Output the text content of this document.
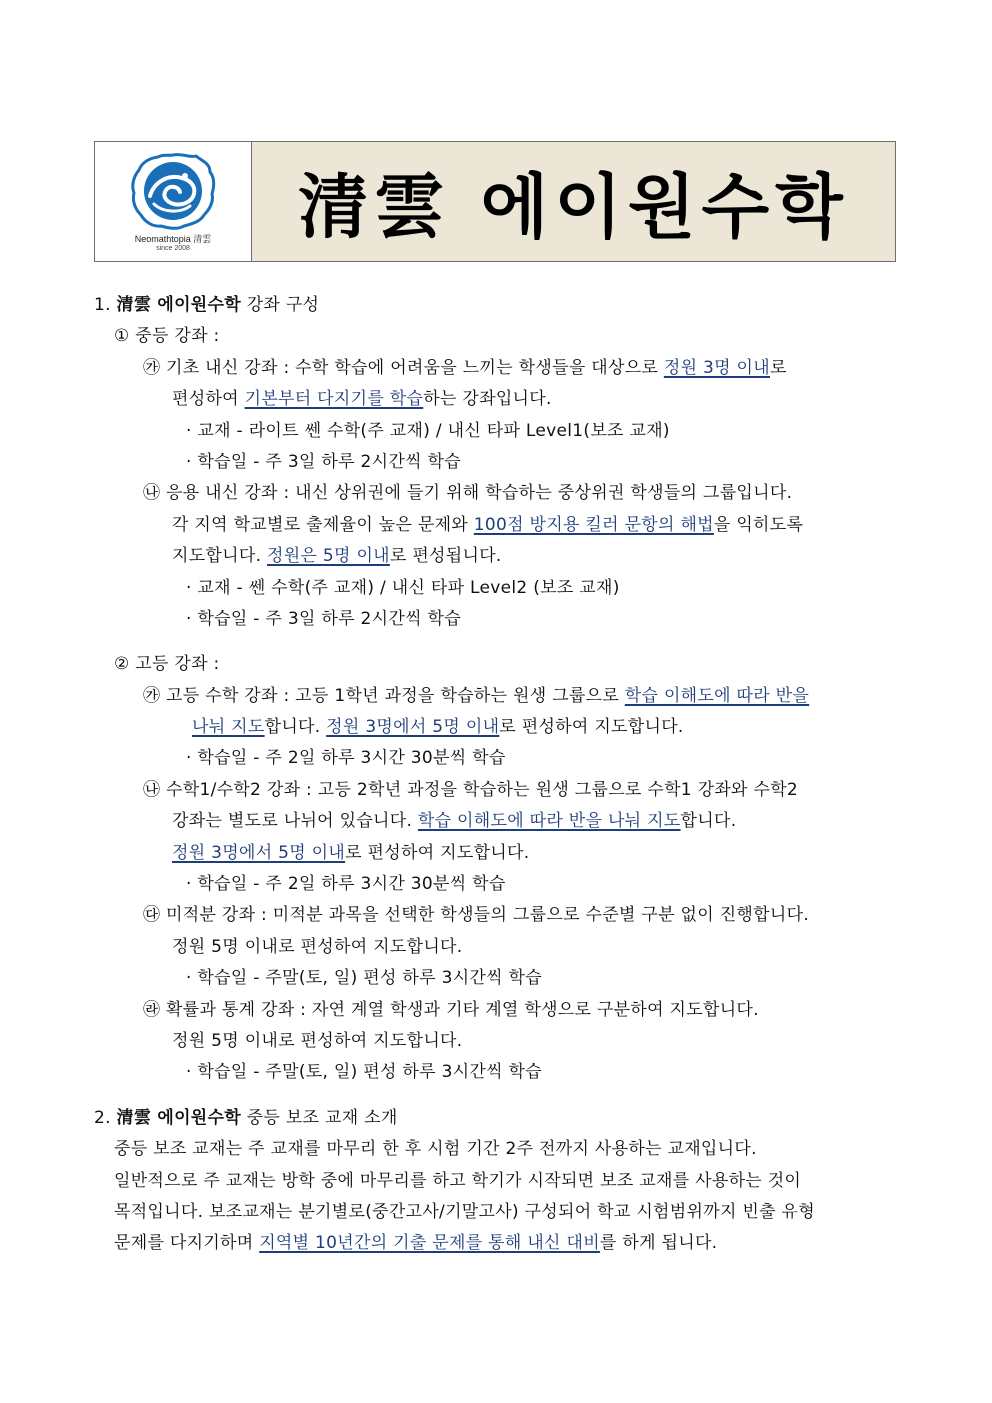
Neomathtopia 清雲
since 2008 清雲 에이원수학
1. 清雲 에이원수학 강좌 구성
① 중등 강좌 :
㉮ 기초 내신 강좌 : 수학 학습에 어려움을 느끼는 학생들을 대상으로 정원 3명 이내로
편성하여 기본부터 다지기를 학습하는 강좌입니다.
· 교재 - 라이트 쎈 수학(주 교재) / 내신 타파 Level1(보조 교재)
· 학습일 - 주 3일 하루 2시간씩 학습
㉯ 응용 내신 강좌 : 내신 상위권에 들기 위해 학습하는 중상위권 학생들의 그룹입니다.
각 지역 학교별로 출제율이 높은 문제와 100점 방지용 킬러 문항의 해법을 익히도록
지도합니다. 정원은 5명 이내로 편성됩니다.
· 교재 - 쎈 수학(주 교재) / 내신 타파 Level2 (보조 교재)
· 학습일 - 주 3일 하루 2시간씩 학습
② 고등 강좌 :
㉮ 고등 수학 강좌 : 고등 1학년 과정을 학습하는 원생 그룹으로 학습 이해도에 따라 반을
나눠 지도합니다. 정원 3명에서 5명 이내로 편성하여 지도합니다.
· 학습일 - 주 2일 하루 3시간 30분씩 학습
㉯ 수학1/수학2 강좌 : 고등 2학년 과정을 학습하는 원생 그룹으로 수학1 강좌와 수학2
강좌는 별도로 나뉘어 있습니다. 학습 이해도에 따라 반을 나눠 지도합니다.
정원 3명에서 5명 이내로 편성하여 지도합니다.
· 학습일 - 주 2일 하루 3시간 30분씩 학습
㉰ 미적분 강좌 : 미적분 과목을 선택한 학생들의 그룹으로 수준별 구분 없이 진행합니다.
정원 5명 이내로 편성하여 지도합니다.
· 학습일 - 주말(토, 일) 편성 하루 3시간씩 학습
㉱ 확률과 통계 강좌 : 자연 계열 학생과 기타 계열 학생으로 구분하여 지도합니다.
정원 5명 이내로 편성하여 지도합니다.
· 학습일 - 주말(토, 일) 편성 하루 3시간씩 학습
2. 清雲 에이원수학 중등 보조 교재 소개
중등 보조 교재는 주 교재를 마무리 한 후 시험 기간 2주 전까지 사용하는 교재입니다.
일반적으로 주 교재는 방학 중에 마무리를 하고 학기가 시작되면 보조 교재를 사용하는 것이
목적입니다. 보조교재는 분기별로(중간고사/기말고사) 구성되어 학교 시험범위까지 빈출 유형
문제를 다지기하며 지역별 10년간의 기출 문제를 통해 내신 대비를 하게 됩니다.
